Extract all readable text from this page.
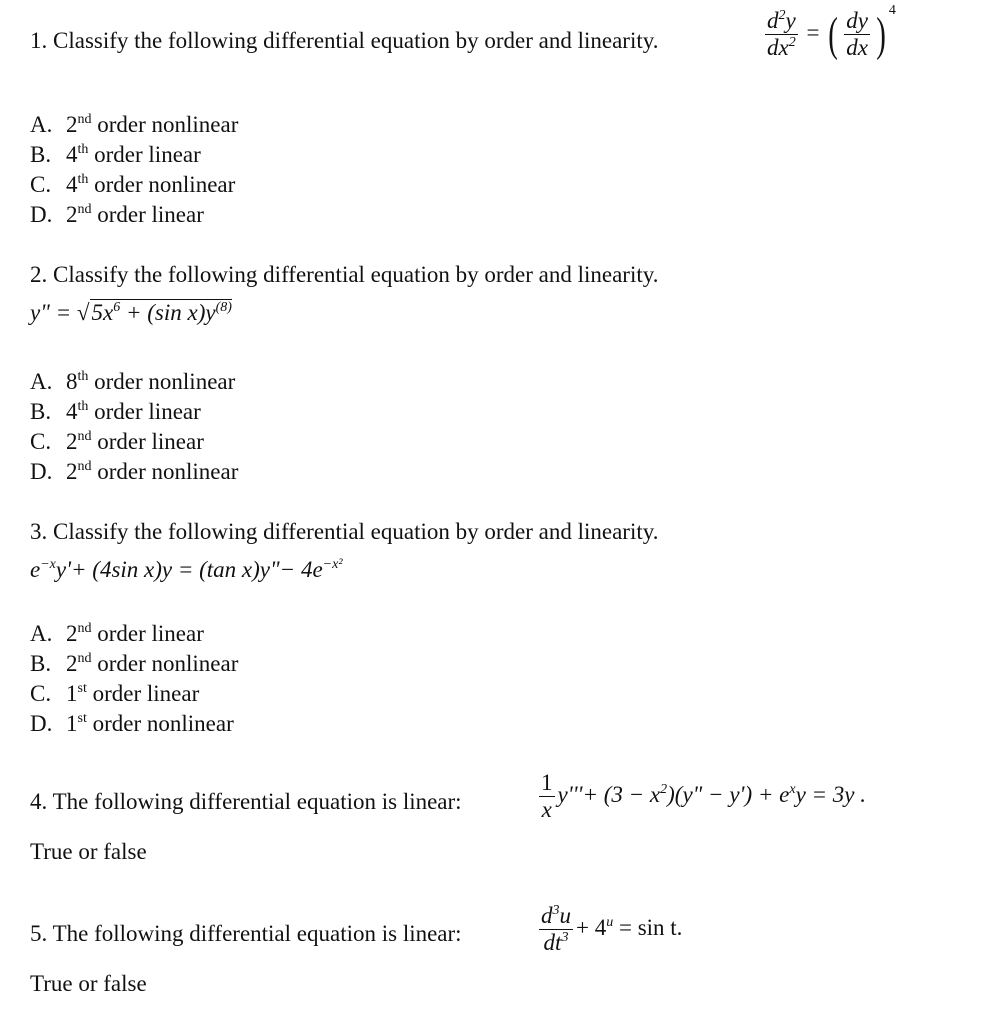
1. Classify the following differential equation by order and linearity.	$\frac{d^2y}{dx^2}$ = ( $\frac{dy}{dx}$ ) $^4$
A. 2nd order nonlinear
B. 4th order linear
C. 4th order nonlinear
D. 2nd order linear
2. Classify the following differential equation by order and linearity.
y" = $√5x^6 + (\sin$ $x)y^{(8)}$
A. 8th order nonlinear
B. 4th order linear
C. 2nd order linear
D. 2nd order nonlinear
3. Classify the following differential equation by order and linearity.
$e^{-x}y'+ (4\sin$ x)y = (tan x)y"− $4e^{-x^2}$
A. 2nd order linear
B. 2nd order nonlinear
C. 1st order linear
D. 1st order nonlinear
4. The following differential equation is linear:	$\frac{1}{x} y'''+ (3 - x^2)(y$" − $y') + e^xy = 3y$ .
True or false
5. The following differential equation is linear:	$\frac{d^3u}{dt^3} + 4^u = \sin t$.
True or false
